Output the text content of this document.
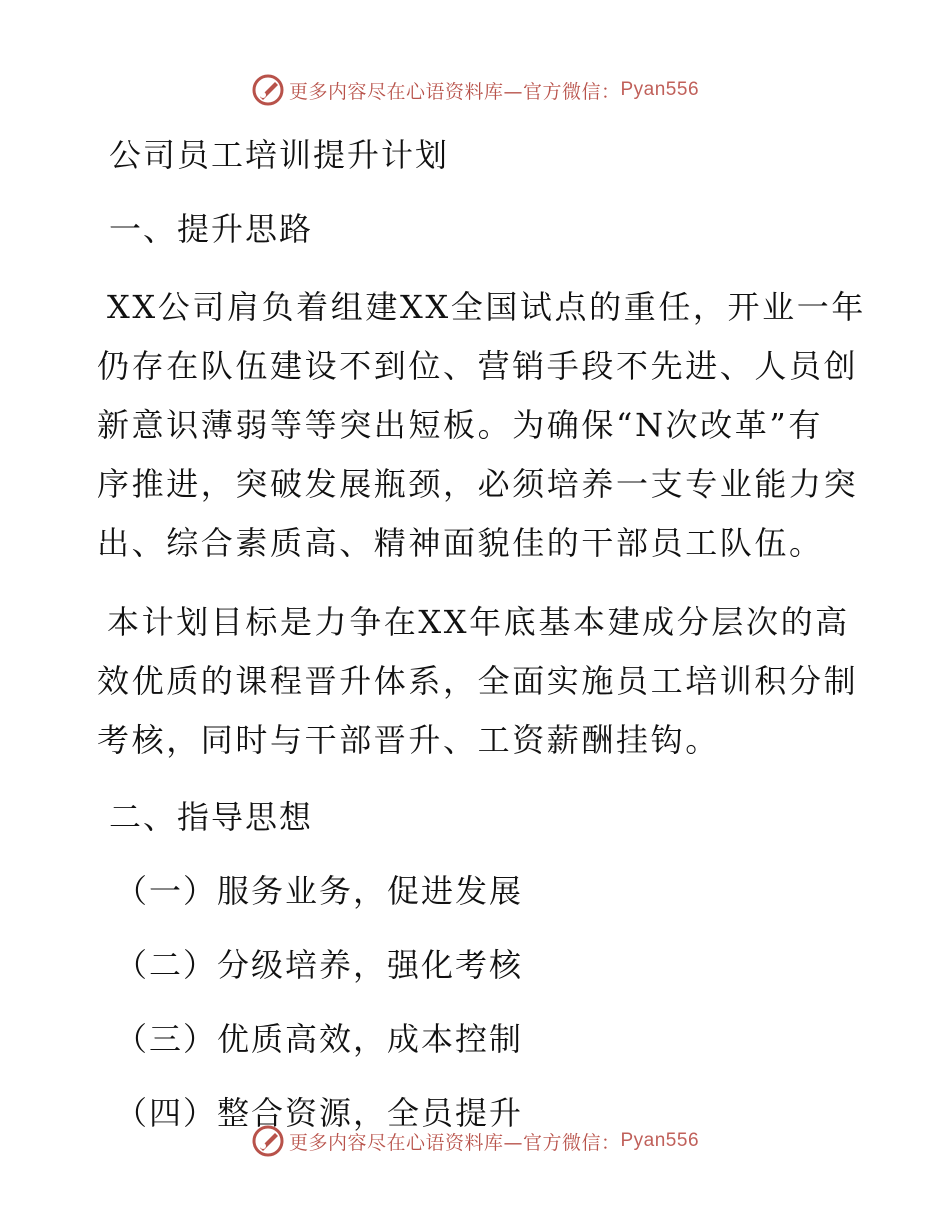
更多内容尽在心语资料库—官方微信： Pyan556
公司员工培训提升计划
一、提升思路
XX公司肩负着组建XX全国试点的重任，开业一年
仍存在队伍建设不到位、营销手段不先进、人员创
新意识薄弱等等突出短板。为确保“N次改革”有
序推进，突破发展瓶颈，必须培养一支专业能力突
出、综合素质高、精神面貌佳的干部员工队伍。
本计划目标是力争在XX年底基本建成分层次的高
效优质的课程晋升体系，全面实施员工培训积分制
考核，同时与干部晋升、工资薪酬挂钩。
二、指导思想
（一）服务业务，促进发展
（二）分级培养，强化考核
（三）优质高效，成本控制
（四）整合资源，全员提升
更多内容尽在心语资料库—官方微信： Pyan556
